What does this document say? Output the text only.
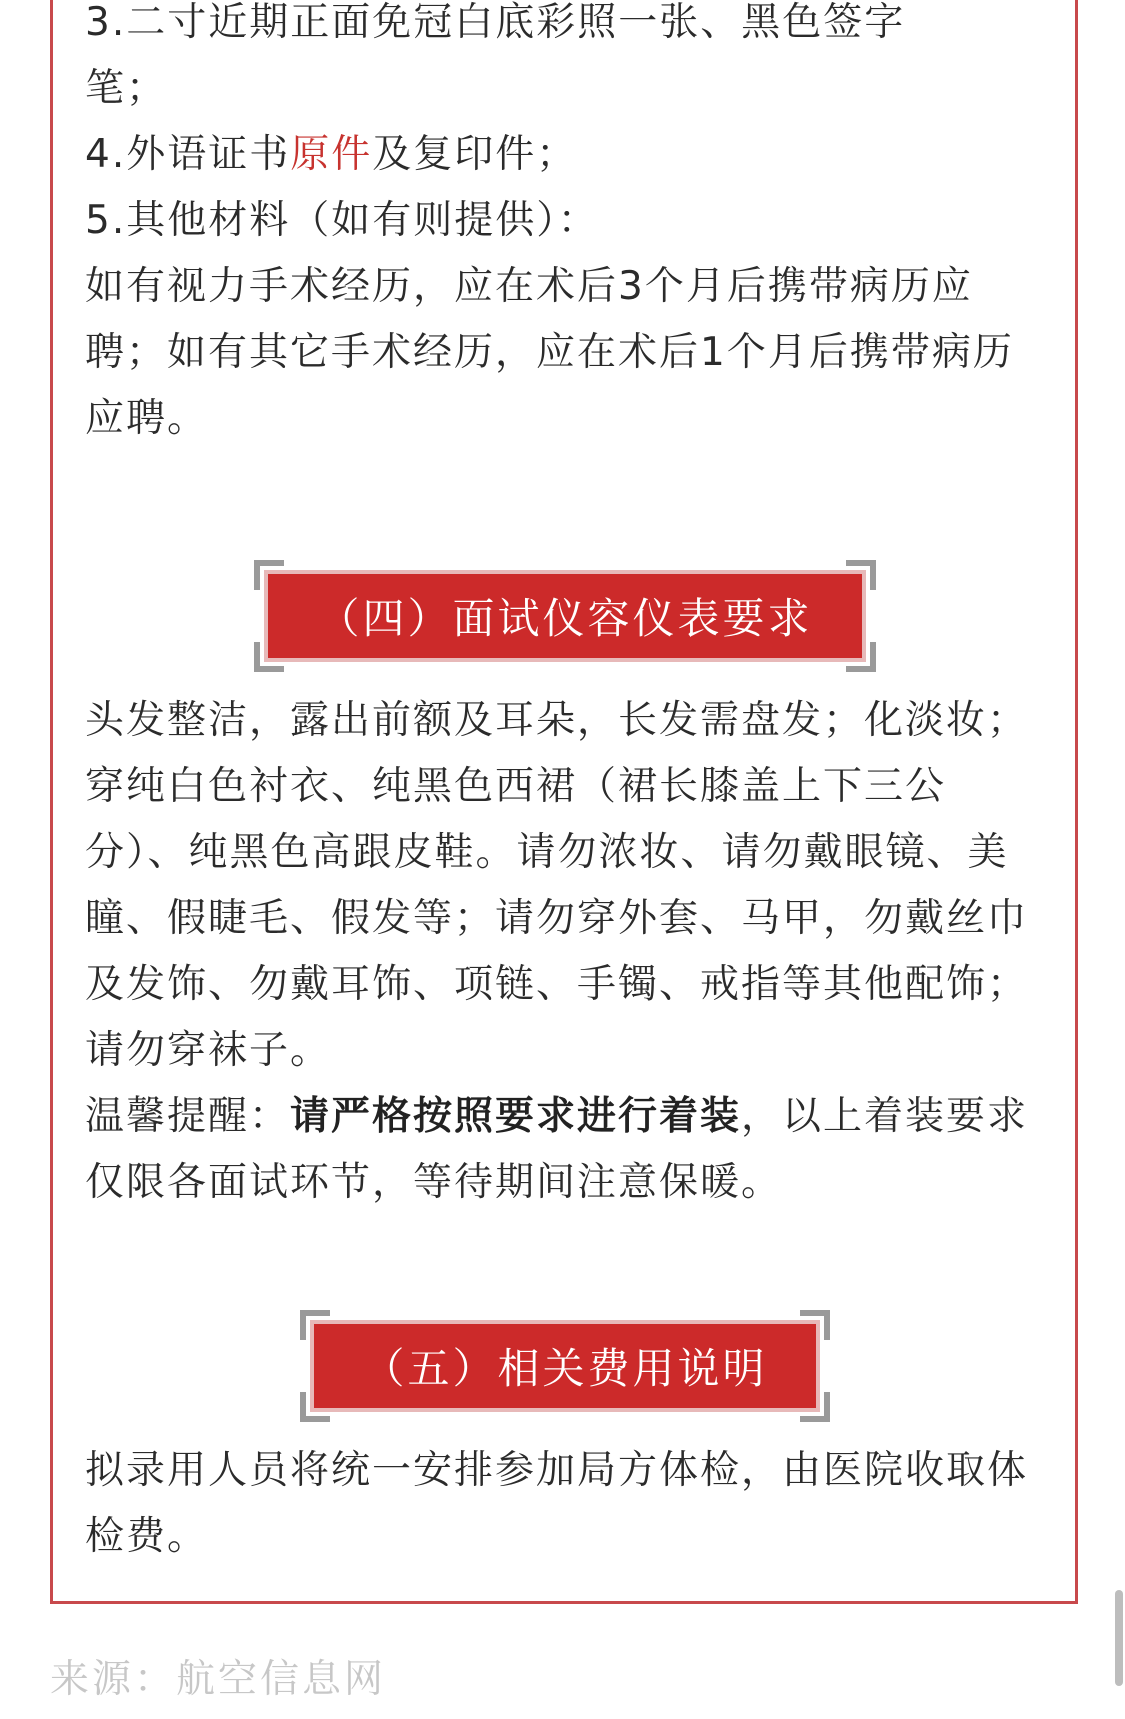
3.二寸近期正面免冠白底彩照一张、黑色签字
笔；

4.外语证书原件及复印件；

5.其他材料（如有则提供）：

如有视力手术经历，应在术后3个月后携带病历应聘；如有其它手术经历，应在术后1个月后携带病历应聘。

头发整洁，露出前额及耳朵，长发需盘发；化淡妆；穿纯白色衬衣、纯黑色西裙（裙长膝盖上下三公分）、纯黑色高跟皮鞋。请勿浓妆、请勿戴眼镜、美瞳、假睫毛、假发等；请勿穿外套、马甲，勿戴丝巾及发饰、勿戴耳饰、项链、手镯、戒指等其他配饰；请勿穿袜子。

温馨提醒：请严格按照要求进行着装，以上着装要求仅限各面试环节，等待期间注意保暖。

拟录用人员将统一安排参加局方体检，由医院收取体检费。

（四）面试仪容仪表要求
（五）相关费用说明
来源：航空信息网
